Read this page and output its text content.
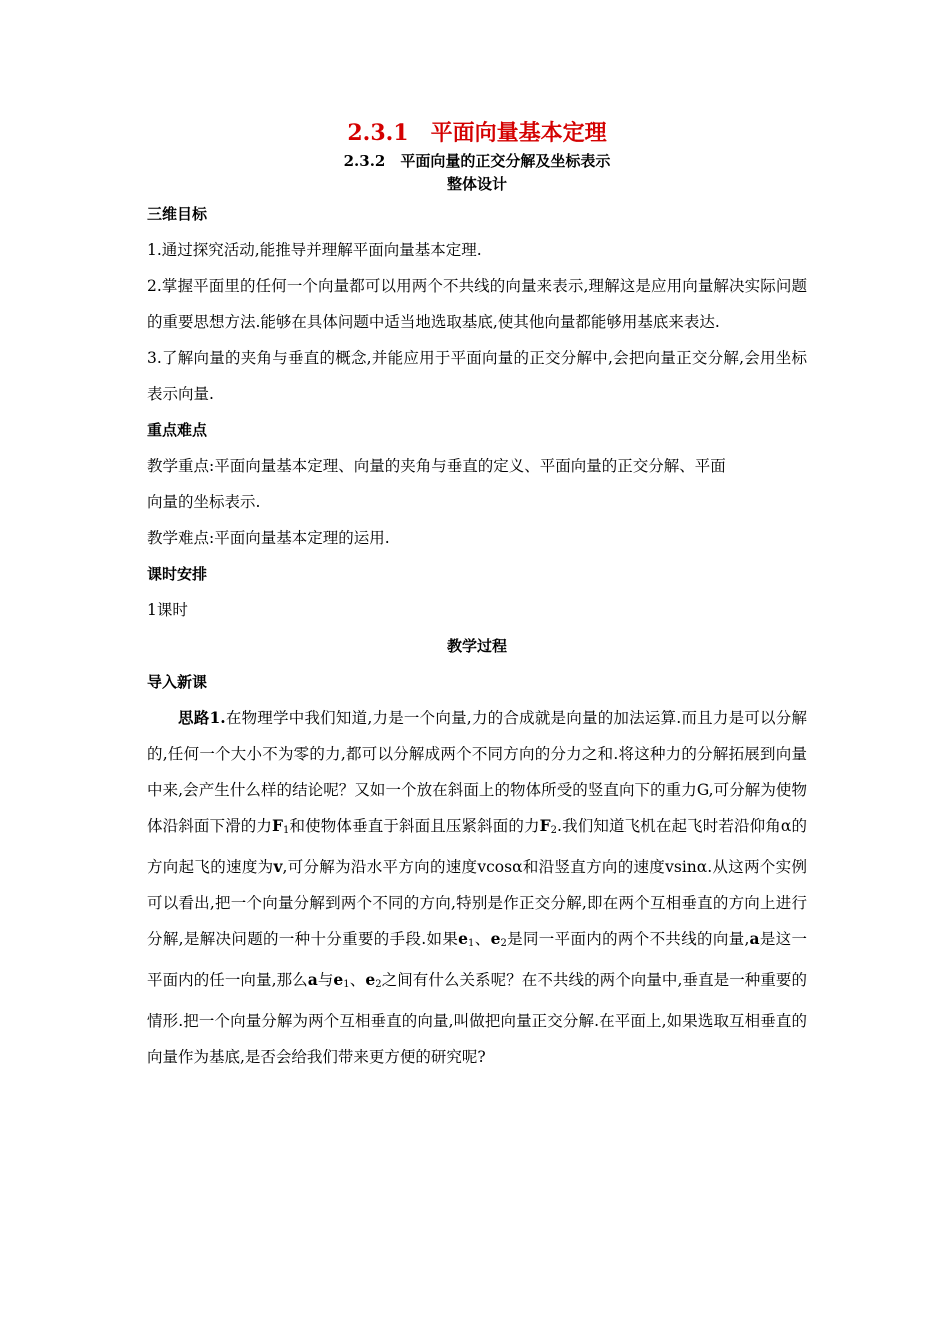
2.3.1　平面向量基本定理
2.3.2　平面向量的正交分解及坐标表示
整体设计
三维目标

1.通过探究活动,能推导并理解平面向量基本定理.

2.掌握平面里的任何一个向量都可以用两个不共线的向量来表示,理解这是应用向量解决实际问题的重要思想方法.能够在具体问题中适当地选取基底,使其他向量都能够用基底来表达.

3.了解向量的夹角与垂直的概念,并能应用于平面向量的正交分解中,会把向量正交分解,会用坐标表示向量.

重点难点

教学重点:平面向量基本定理、向量的夹角与垂直的定义、平面向量的正交分解、平面

向量的坐标表示.

教学难点:平面向量基本定理的运用.

课时安排

1课时

教学过程
导入新课

思路1.在物理学中我们知道,力是一个向量,力的合成就是向量的加法运算.而且力是可以分解的,任何一个大小不为零的力,都可以分解成两个不同方向的分力之和.将这种力的分解拓展到向量中来,会产生什么样的结论呢？又如一个放在斜面上的物体所受的竖直向下的重力G,可分解为使物体沿斜面下滑的力$F_1$和使物体垂直于斜面且压紧斜面的力$F_2$.我们知道飞机在起飞时若沿仰角α的方向起飞的速度为v,可分解为沿水平方向的速度vcosα和沿竖直方向的速度vsinα.从这两个实例可以看出,把一个向量分解到两个不同的方向,特别是作正交分解,即在两个互相垂直的方向上进行分解,是解决问题的一种十分重要的手段.如果$e_1$、$e_2$是同一平面内的两个不共线的向量,a是这一平面内的任一向量,那么a与$e_1$、$e_2$之间有什么关系呢？在不共线的两个向量中,垂直是一种重要的情形.把一个向量分解为两个互相垂直的向量,叫做把向量正交分解.在平面上,如果选取互相垂直的向量作为基底,是否会给我们带来更方便的研究呢?
